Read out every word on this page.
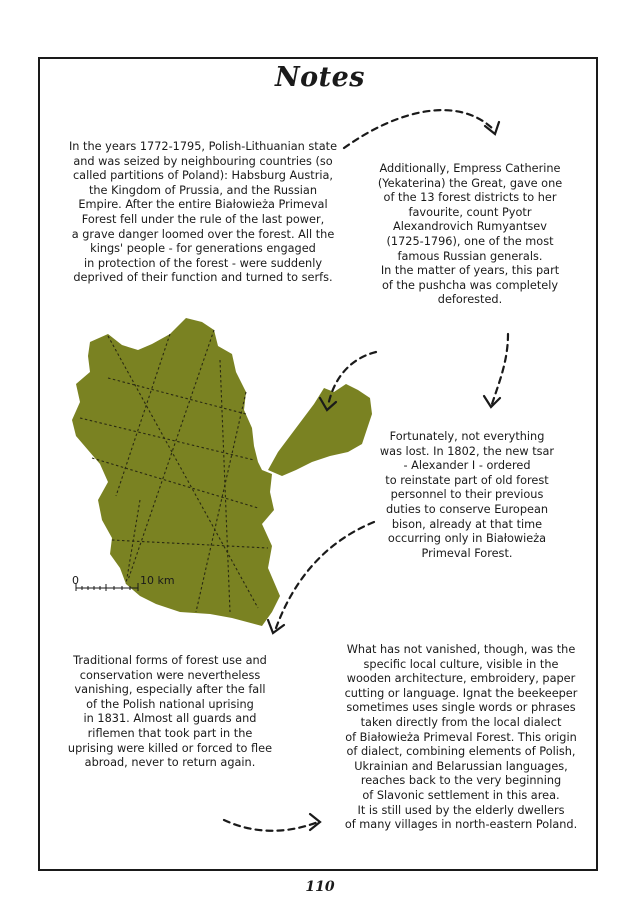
Notes
In the years 1772-1795, Polish-Lithuanian state
and was seized by neighbouring countries (so
called partitions of Poland): Habsburg Austria,
the Kingdom of Prussia, and the Russian
Empire. After the entire Białowieża Primeval
Forest fell under the rule of the last power,
a grave danger loomed over the forest. All the
kings' people - for generations engaged
in protection of the forest - were suddenly
deprived of their function and turned to serfs.
Additionally, Empress Catherine
(Yekaterina) the Great, gave one
of the 13 forest districts to her
favourite, count Pyotr
Alexandrovich Rumyantsev
(1725-1796), one of the most
famous Russian generals.
In the matter of years, this part
of the pushcha was completely
deforested.
Fortunately, not everything
was lost. In 1802, the new tsar
- Alexander I - ordered
to reinstate part of old forest
personnel to their previous
duties to conserve European
bison, already at that time
occurring only in Białowieża
Primeval Forest.
Traditional forms of forest use and
conservation were nevertheless
vanishing, especially after the fall
of the Polish national uprising
in 1831. Almost all guards and
riflemen that took part in the
uprising were killed or forced to flee
abroad, never to return again.
What has not vanished, though, was the
specific local culture, visible in the
wooden architecture, embroidery, paper
cutting or language. Ignat the beekeeper
sometimes uses single words or phrases
taken directly from the local dialect
of Białowieża Primeval Forest. This origin
of dialect, combining elements of Polish,
Ukrainian and Belarussian languages,
reaches back to the very beginning
of Slavonic settlement in this area.
It is still used by the elderly dwellers
of many villages in north-eastern Poland.
0	10 km
110
